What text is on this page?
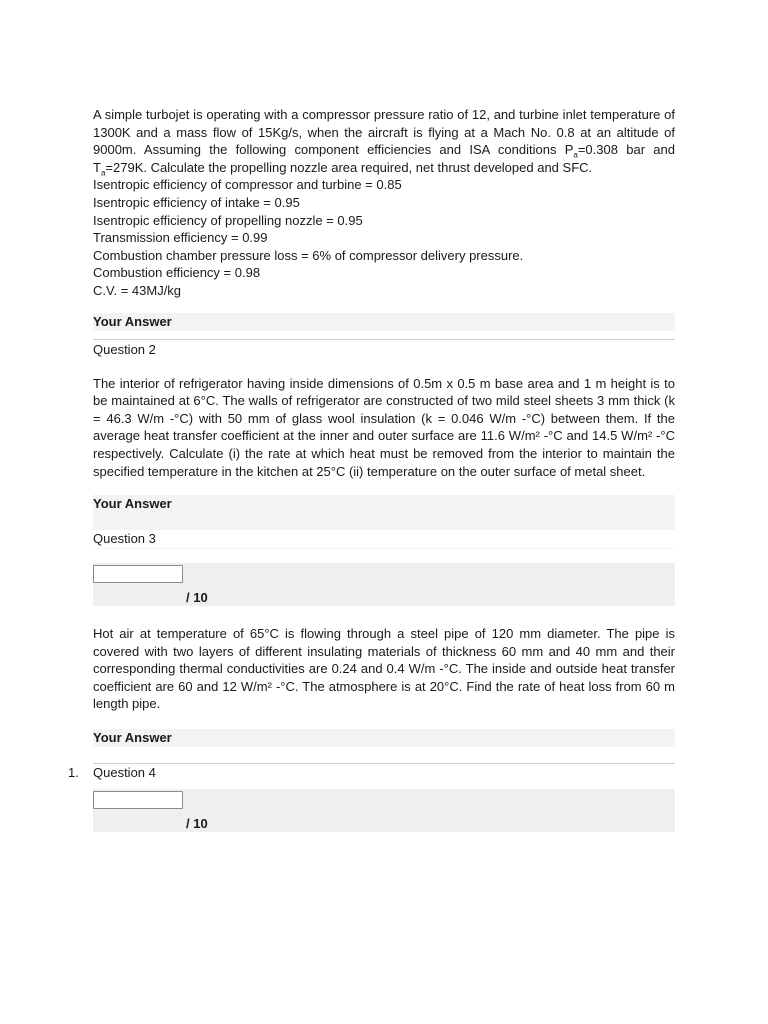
A simple turbojet is operating with a compressor pressure ratio of 12, and turbine inlet temperature of 1300K and a mass flow of 15Kg/s, when the aircraft is flying at a Mach No. 0.8 at an altitude of 9000m. Assuming the following component efficiencies and ISA conditions $P_a=0.308$ bar and $T_a=279K$. Calculate the propelling nozzle area required, net thrust developed and SFC.

Isentropic efficiency of compressor and turbine = 0.85

Isentropic efficiency of intake = 0.95

Isentropic efficiency of propelling nozzle = 0.95

Transmission efficiency = 0.99

Combustion chamber pressure loss = 6% of compressor delivery pressure.

Combustion efficiency = 0.98

C.V. = 43MJ/kg

Your Answer
Question 2

The interior of refrigerator having inside dimensions of 0.5m x 0.5 m base area and 1 m height is to be maintained at 6°C. The walls of refrigerator are constructed of two mild steel sheets 3 mm thick (k = 46.3 W/m -°C) with 50 mm of glass wool insulation (k = 0.046 W/m -°C) between them. If the average heat transfer coefficient at the inner and outer surface are 11.6 W/m² -°C and 14.5 W/m² -°C respectively. Calculate (i) the rate at which heat must be removed from the interior to maintain the specified temperature in the kitchen at 25°C (ii) temperature on the outer surface of metal sheet.

Your Answer
Question 3
/ 10

Hot air at temperature of 65°C is flowing through a steel pipe of 120 mm diameter. The pipe is covered with two layers of different insulating materials of thickness 60 mm and 40 mm and their corresponding thermal conductivities are 0.24 and 0.4 W/m -°C. The inside and outside heat transfer coefficient are 60 and 12 W/m² -°C. The atmosphere is at 20°C. Find the rate of heat loss from 60 m length pipe.

Your Answer
1. Question 4
/ 10
